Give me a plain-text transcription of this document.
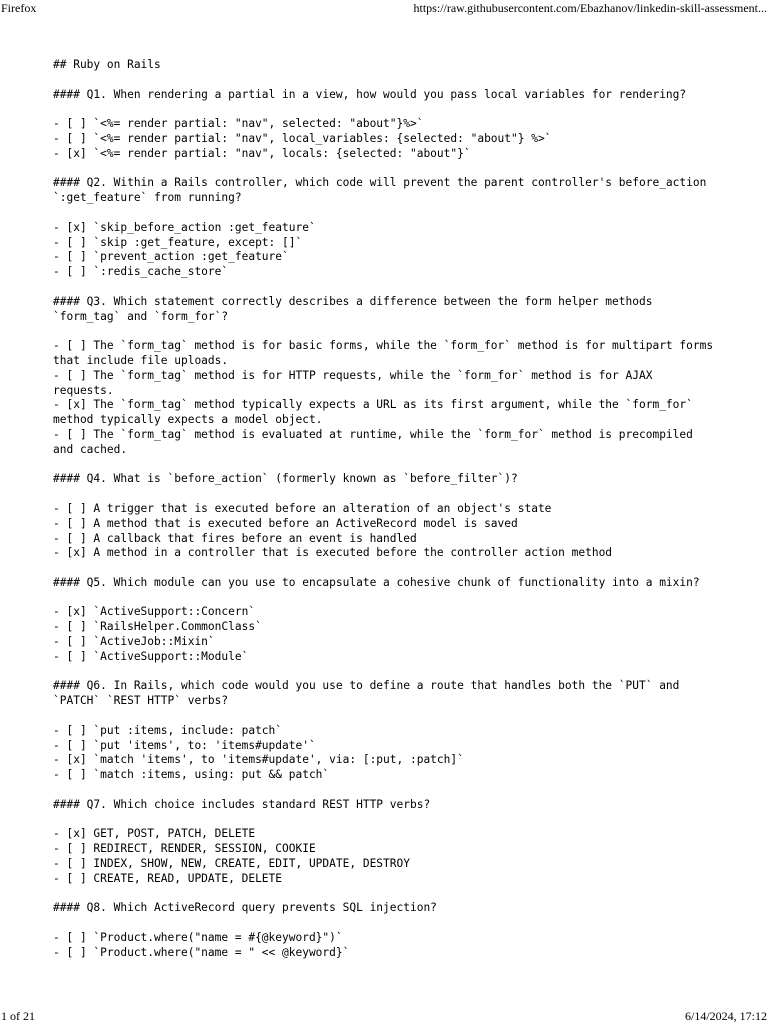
Firefox	https://raw.githubusercontent.com/Ebazhanov/linkedin-skill-assessment...
## Ruby on Rails
#### Q1. When rendering a partial in a view, how would you pass local variables for rendering?
- [ ] `<%= render partial: "nav", selected: "about"}%>`
- [ ] `<%= render partial: "nav", local_variables: {selected: "about"} %>`
- [x] `<%= render partial: "nav", locals: {selected: "about"}`
#### Q2. Within a Rails controller, which code will prevent the parent controller's before_action
`:get_feature` from running?
- [x] `skip_before_action :get_feature`
- [ ] `skip :get_feature, except: []`
- [ ] `prevent_action :get_feature`
- [ ] `:redis_cache_store`
#### Q3. Which statement correctly describes a difference between the form helper methods
`form_tag` and `form_for`?
- [ ] The `form_tag` method is for basic forms, while the `form_for` method is for multipart forms
that include file uploads.
- [ ] The `form_tag` method is for HTTP requests, while the `form_for` method is for AJAX
requests.
- [x] The `form_tag` method typically expects a URL as its first argument, while the `form_for`
method typically expects a model object.
- [ ] The `form_tag` method is evaluated at runtime, while the `form_for` method is precompiled
and cached.
#### Q4. What is `before_action` (formerly known as `before_filter`)?
- [ ] A trigger that is executed before an alteration of an object's state
- [ ] A method that is executed before an ActiveRecord model is saved
- [ ] A callback that fires before an event is handled
- [x] A method in a controller that is executed before the controller action method
#### Q5. Which module can you use to encapsulate a cohesive chunk of functionality into a mixin?
- [x] `ActiveSupport::Concern`
- [ ] `RailsHelper.CommonClass`
- [ ] `ActiveJob::Mixin`
- [ ] `ActiveSupport::Module`
#### Q6. In Rails, which code would you use to define a route that handles both the `PUT` and
`PATCH` `REST HTTP` verbs?
- [ ] `put :items, include: patch`
- [ ] `put 'items', to: 'items#update'`
- [x] `match 'items', to 'items#update', via: [:put, :patch]`
- [ ] `match :items, using: put && patch`
#### Q7. Which choice includes standard REST HTTP verbs?
- [x] GET, POST, PATCH, DELETE
- [ ] REDIRECT, RENDER, SESSION, COOKIE
- [ ] INDEX, SHOW, NEW, CREATE, EDIT, UPDATE, DESTROY
- [ ] CREATE, READ, UPDATE, DELETE
#### Q8. Which ActiveRecord query prevents SQL injection?
- [ ] `Product.where("name = #{@keyword}")`
- [ ] `Product.where("name = " << @keyword}`
1 of 21	6/14/2024, 17:12
